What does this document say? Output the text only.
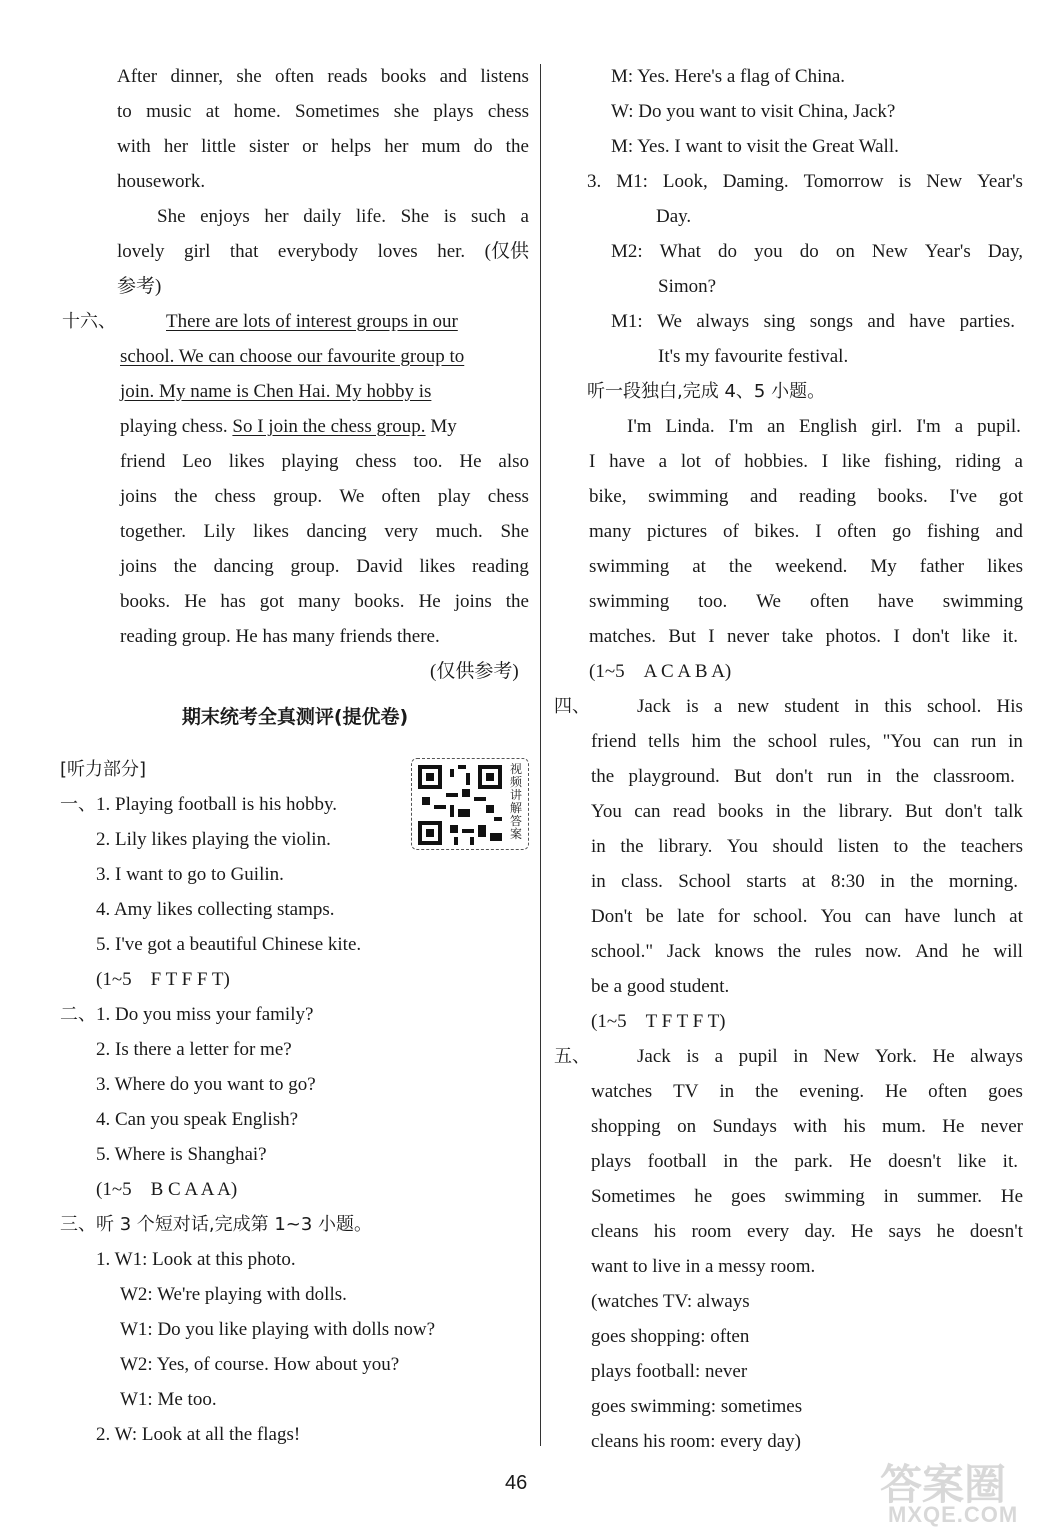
After dinner, she often reads books and listens
to music at home. Sometimes she plays chess
with her little sister or helps her mum do the
housework.
She enjoys her daily life. She is such a
lovely girl that everybody loves her. (仅供
参考)
十六、	There are lots of interest groups in our
school. We can choose our favourite group to
join. My name is Chen Hai. My hobby is
playing chess. So I join the chess group. My
friend Leo likes playing chess too. He also
joins the chess group. We often play chess
together. Lily likes dancing very much. She
joins the dancing group. David likes reading
books. He has got many books. He joins the
reading group. He has many friends there.
(仅供参考)
期末统考全真测评(提优卷)
[听力部分]	视频讲解答案
一、 1. Playing football is his hobby.
2. Lily likes playing the violin.
3. I want to go to Guilin.
4. Amy likes collecting stamps.
5. I've got a beautiful Chinese kite.
(1~5　F T F F T)
二、 1. Do you miss your family?
2. Is there a letter for me?
3. Where do you want to go?
4. Can you speak English?
5. Where is Shanghai?
(1~5　B C A A A)
三、 听 3 个短对话,完成第 1~3 小题。
1. W1: Look at this photo.
W2: We're playing with dolls.
W1: Do you like playing with dolls now?
W2: Yes, of course. How about you?
W1: Me too.
2. W: Look at all the flags!
M: Yes. Here's a flag of China.
W: Do you want to visit China, Jack?
M: Yes. I want to visit the Great Wall.
3. M1: Look, Daming. Tomorrow is New Year's
Day.
M2: What do you do on New Year's Day,
Simon?
M1: We always sing songs and have parties.
It's my favourite festival.
听一段独白,完成 4、5 小题。
I'm Linda. I'm an English girl. I'm a pupil.
I have a lot of hobbies. I like fishing, riding a
bike, swimming and reading books. I've got
many pictures of bikes. I often go fishing and
swimming at the weekend. My father likes
swimming too. We often have swimming
matches. But I never take photos. I don't like it.
(1~5　A C A B A)
四、 Jack is a new student in this school. His
friend tells him the school rules, "You can run in
the playground. But don't run in the classroom.
You can read books in the library. But don't talk
in the library. You should listen to the teachers
in class. School starts at 8:30 in the morning.
Don't be late for school. You can have lunch at
school." Jack knows the rules now. And he will
be a good student.
(1~5　T F T F T)
五、 Jack is a pupil in New York. He always
watches TV in the evening. He often goes
shopping on Sundays with his mum. He never
plays football in the park. He doesn't like it.
Sometimes he goes swimming in summer. He
cleans his room every day. He says he doesn't
want to live in a messy room.
(watches TV: always
goes shopping: often
plays football: never
goes swimming: sometimes
cleans his room: every day)
46	答案圈
MXQE.COM
